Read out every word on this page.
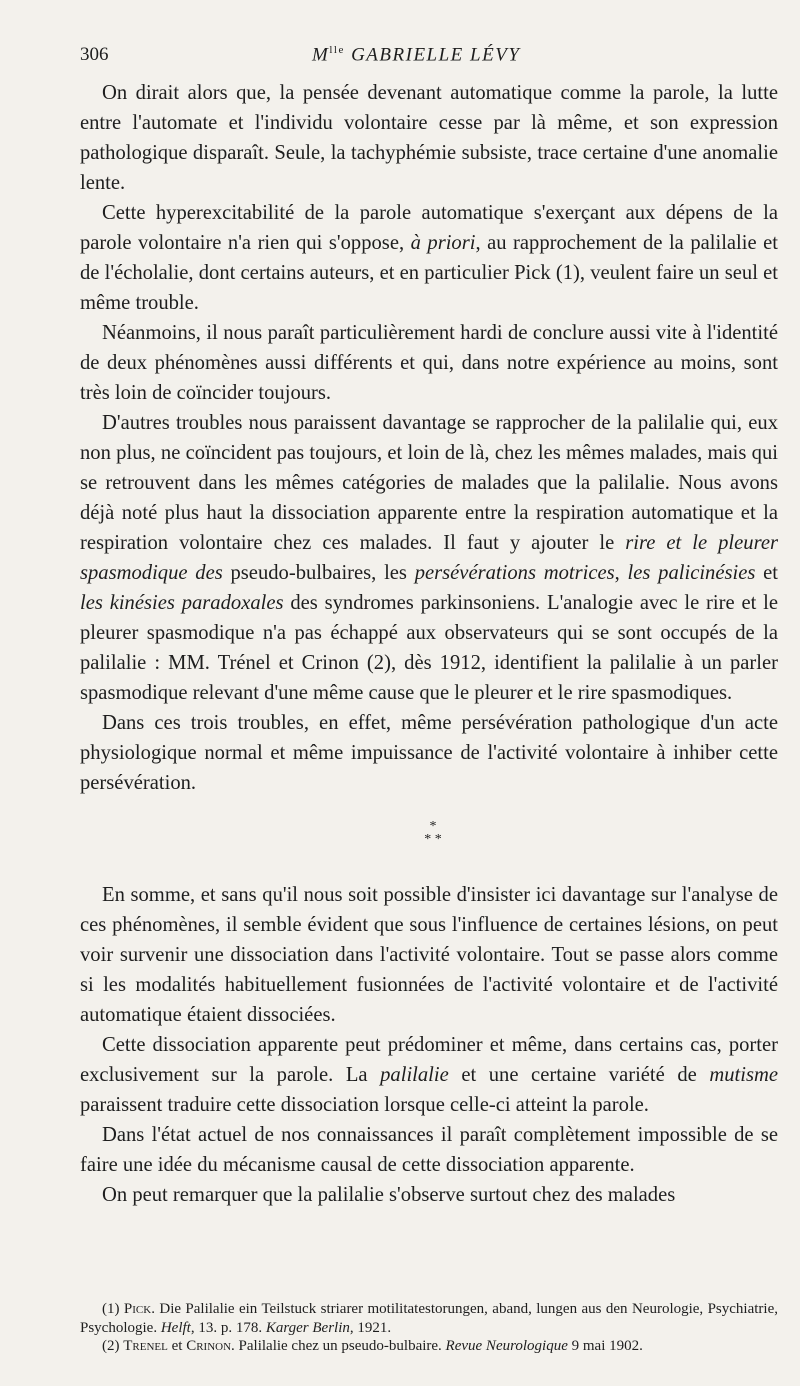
306	$M^{lle}$ GABRIELLE LÉVY

On dirait alors que, la pensée devenant automatique comme la parole, la lutte entre l'automate et l'individu volontaire cesse par là même, et son expression pathologique disparaît. Seule, la tachyphémie subsiste, trace certaine d'une anomalie lente.

Cette hyperexcitabilité de la parole automatique s'exerçant aux dépens de la parole volontaire n'a rien qui s'oppose, à priori, au rapprochement de la palilalie et de l'écholalie, dont certains auteurs, et en particulier Pick (1), veulent faire un seul et même trouble.

Néanmoins, il nous paraît particulièrement hardi de conclure aussi vite à l'identité de deux phénomènes aussi différents et qui, dans notre expérience au moins, sont très loin de coïncider toujours.

D'autres troubles nous paraissent davantage se rapprocher de la palilalie qui, eux non plus, ne coïncident pas toujours, et loin de là, chez les mêmes malades, mais qui se retrouvent dans les mêmes catégories de malades que la palilalie. Nous avons déjà noté plus haut la dissociation apparente entre la respiration automatique et la respiration volontaire chez ces malades. Il faut y ajouter le rire et le pleurer spasmodique des pseudo-bulbaires, les persévérations motrices, les palicinésies et les kinésies paradoxales des syndromes parkinsoniens. L'analogie avec le rire et le pleurer spasmodique n'a pas échappé aux observateurs qui se sont occupés de la palilalie : MM. Trénel et Crinon (2), dès 1912, identifient la palilalie à un parler spasmodique relevant d'une même cause que le pleurer et le rire spasmodiques.

Dans ces trois troubles, en effet, même persévération pathologique d'un acte physiologique normal et même impuissance de l'activité volontaire à inhiber cette persévération.

*
* *

En somme, et sans qu'il nous soit possible d'insister ici davantage sur l'analyse de ces phénomènes, il semble évident que sous l'influence de certaines lésions, on peut voir survenir une dissociation dans l'activité volontaire. Tout se passe alors comme si les modalités habituellement fusionnées de l'activité volontaire et de l'activité automatique étaient dissociées.

Cette dissociation apparente peut prédominer et même, dans certains cas, porter exclusivement sur la parole. La palilalie et une certaine variété de mutisme paraissent traduire cette dissociation lorsque celle-ci atteint la parole.

Dans l'état actuel de nos connaissances il paraît complètement impossible de se faire une idée du mécanisme causal de cette dissociation apparente.

On peut remarquer que la palilalie s'observe surtout chez des malades

(1) Pick. Die Palilalie ein Teilstuck striarer motilitatestorungen, aband, lungen aus den Neurologie, Psychiatrie, Psychologie. Helft, 13. p. 178. Karger Berlin, 1921.

(2) Trenel et Crinon. Palilalie chez un pseudo-bulbaire. Revue Neurologique 9 mai 1902.
